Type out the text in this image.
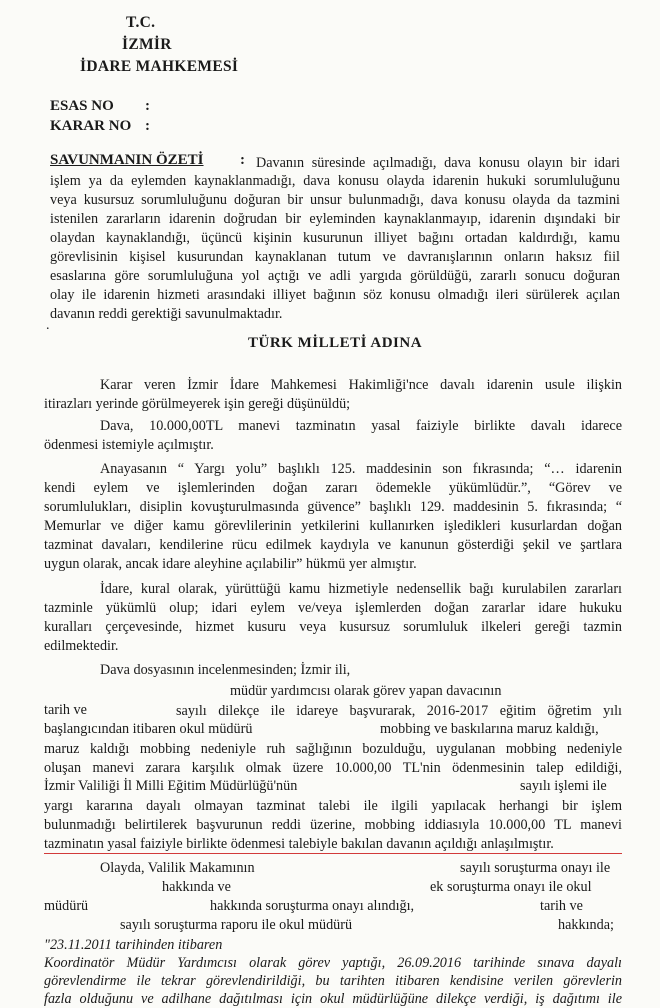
T.C.
İZMİR
İDARE MAHKEMESİ
ESAS NO :
KARAR NO :
SAVUNMANIN ÖZETİ : Davanın süresinde açılmadığı, dava konusu olayın bir idari
işlem ya da eylemden kaynaklanmadığı, dava konusu olayda idarenin hukuki sorumluluğunu
veya kusursuz sorumluluğunu doğuran bir unsur bulunmadığı, dava konusu olayda da tazmini
istenilen zararların idarenin doğrudan bir eyleminden kaynaklanmayıp, idarenin dışındaki bir
olaydan kaynaklandığı, üçüncü kişinin kusurunun illiyet bağını ortadan kaldırdığı, kamu
görevlisinin kişisel kusurundan kaynaklanan tutum ve davranışlarının onların haksız fiil
esaslarına göre sorumluluğuna yol açtığı ve adli yargıda görüldüğü, zararlı sonucu doğuran
olay ile idarenin hizmeti arasındaki illiyet bağının söz konusu olmadığı ileri sürülerek açılan
davanın reddi gerektiği savunulmaktadır.
.
TÜRK MİLLETİ ADINA
Karar veren İzmir İdare Mahkemesi Hakimliği'nce davalı idarenin usule ilişkin
itirazları yerinde görülmeyerek işin gereği düşünüldü;
Dava, 10.000,00TL manevi tazminatın yasal faiziyle birlikte davalı idarece
ödenmesi istemiyle açılmıştır.
Anayasanın “ Yargı yolu” başlıklı 125. maddesinin son fıkrasında; “… idarenin
kendi eylem ve işlemlerinden doğan zararı ödemekle yükümlüdür.”, “Görev ve
sorumlulukları, disiplin kovuşturulmasında güvence” başlıklı 129. maddesinin 5. fıkrasında; “
Memurlar ve diğer kamu görevlilerinin yetkilerini kullanırken işledikleri kusurlardan doğan
tazminat davaları, kendilerine rücu edilmek kaydıyla ve kanunun gösterdiği şekil ve şartlara
uygun olarak, ancak idare aleyhine açılabilir” hükmü yer almıştır.
İdare, kural olarak, yürüttüğü kamu hizmetiyle nedensellik bağı kurulabilen zararları
tazminle yükümlü olup; idari eylem ve/veya işlemlerden doğan zararlar idare hukuku
kuralları çerçevesinde, hizmet kusuru veya kusursuz sorumluluk ilkeleri gereği tazmin
edilmektedir.
Dava dosyasının incelenmesinden; İzmir ili,
müdür yardımcısı olarak görev yapan davacının
tarih ve	sayılı dilekçe ile idareye başvurarak, 2016-2017 eğitim öğretim yılı
başlangıcından itibaren okul müdürü	mobbing ve baskılarına maruz kaldığı,
maruz kaldığı mobbing nedeniyle ruh sağlığının bozulduğu, uygulanan mobbing nedeniyle
oluşan manevi zarara karşılık olmak üzere 10.000,00 TL'nin ödenmesinin talep edildiği,
İzmir Valiliği İl Milli Eğitim Müdürlüğü'nün	sayılı işlemi ile
yargı kararına dayalı olmayan tazminat talebi ile ilgili yapılacak herhangi bir işlem
bulunmadığı belirtilerek başvurunun reddi üzerine, mobbing iddiasıyla 10.000,00 TL manevi
tazminatın yasal faiziyle birlikte ödenmesi talebiyle bakılan davanın açıldığı anlaşılmıştır.
Olayda, Valilik Makamının	sayılı soruşturma onayı ile
hakkında ve	ek soruşturma onayı ile okul
müdürü	hakkında soruşturma onayı alındığı,	tarih ve
sayılı soruşturma raporu ile okul müdürü	hakkında;
"23.11.2011 tarihinden itibaren
Koordinatör Müdür Yardımcısı olarak görev yaptığı, 26.09.2016 tarihinde sınava dayalı
görevlendirme ile tekrar görevlendirildiği, bu tarihten itibaren kendisine verilen görevlerin
fazla olduğunu ve adilhane dağıtılması için okul müdürlüğüne dilekçe verdiği, iş dağıtımı ile
